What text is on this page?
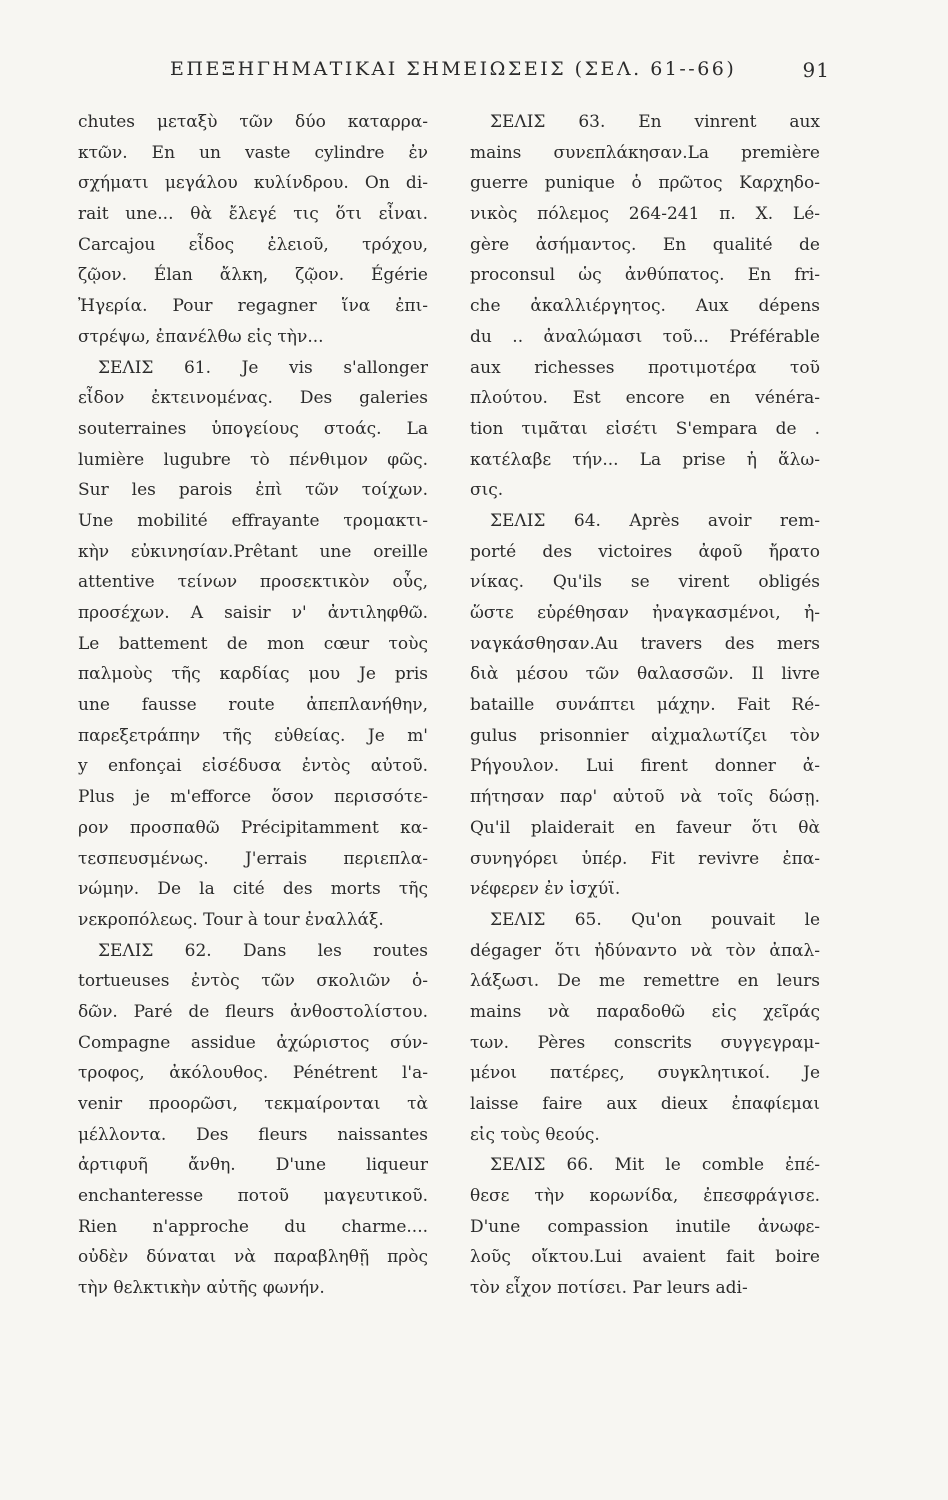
ΕΠΕΞΗΓΗΜΑΤΙΚΑΙ ΣΗΜΕΙΩΣΕΙΣ (ΣΕΛ. 61--66)	91
chutes μεταξὺ τῶν δύο καταρρα-
κτῶν. En un vaste cylindre ἐν
σχήματι μεγάλου κυλίνδρου. On di-
rait une... θὰ ἔλεγέ τις ὅτι εἶναι.
Carcajou εἶδος ἐλειοῦ, τρόχου,
ζῷον. Élan ἄλκη, ζῷον. Égérie
Ἠγερία. Pour regagner ἵνα ἐπι-
στρέψω, ἐπανέλθω εἰς τὴν...
ΣΕΛΙΣ 61. Je vis s'allonger
εἶδον ἐκτεινομένας. Des galeries
souterraines ὑπογείους στοάς. La
lumière lugubre τὸ πένθιμον φῶς.
Sur les parois ἐπὶ τῶν τοίχων.
Une mobilité effrayante τρομακτι-
κὴν εὐκινησίαν.Prêtant une oreille
attentive τείνων προσεκτικὸν οὖς,
προσέχων. A saisir ν' ἀντιληφθῶ.
Le battement de mon cœur τοὺς
παλμοὺς τῆς καρδίας μου Je pris
une fausse route ἀπεπλανήθην,
παρεξετράπην τῆς εὐθείας. Je m'
y enfonçai εἰσέδυσα ἐντὸς αὐτοῦ.
Plus je m'efforce ὅσον περισσότε-
ρον προσπαθῶ Précipitamment κα-
τεσπευσμένως. J'errais περιεπλα-
νώμην. De la cité des morts τῆς
νεκροπόλεως. Tour à tour ἐναλλάξ.
ΣΕΛΙΣ 62. Dans les routes
tortueuses ἐντὸς τῶν σκολιῶν ὁ-
δῶν. Paré de fleurs ἀνθοστολίστου.
Compagne assidue ἀχώριστος σύν-
τροφος, ἀκόλουθος. Pénétrent l'a-
venir προορῶσι, τεκμαίρονται τὰ
μέλλοντα. Des fleurs naissantes
ἀρτιφυῆ ἄνθη. D'une liqueur
enchanteresse ποτοῦ μαγευτικοῦ.
Rien n'approche du charme....
οὐδὲν δύναται νὰ παραβληθῇ πρὸς
τὴν θελκτικὴν αὐτῆς φωνήν.
ΣΕΛΙΣ 63. En vinrent aux
mains συνεπλάκησαν.La première
guerre punique ὁ πρῶτος Καρχηδο-
νικὸς πόλεμος 264-241 π. Χ. Lé-
gère ἀσήμαντος. En qualité de
proconsul ὡς ἀνθύπατος. En fri-
che ἀκαλλιέργητος. Aux dépens
du .. ἀναλώμασι τοῦ... Préférable
aux richesses προτιμοτέρα τοῦ
πλούτου. Est encore en vénéra-
tion τιμᾶται εἰσέτι S'empara de .
κατέλαβε τήν... La prise ἡ ἅλω-
σις.
ΣΕΛΙΣ 64. Après avoir rem-
porté des victoires ἀφοῦ ἤρατο
νίκας. Qu'ils se virent obligés
ὥστε εὑρέθησαν ἠναγκασμένοι, ἠ-
ναγκάσθησαν.Au travers des mers
διὰ μέσου τῶν θαλασσῶν. Il livre
bataille συνάπτει μάχην. Fait Ré-
gulus prisonnier αἰχμαλωτίζει τὸν
Ρήγουλον. Lui firent donner ἀ-
πήτησαν παρ' αὐτοῦ νὰ τοῖς δώσῃ.
Qu'il plaiderait en faveur ὅτι θὰ
συνηγόρει ὑπέρ. Fit revivre ἐπα-
νέφερεν ἐν ἰσχύϊ.
ΣΕΛΙΣ 65. Qu'on pouvait le
dégager ὅτι ἠδύναντο νὰ τὸν ἀπαλ-
λάξωσι. De me remettre en leurs
mains νὰ παραδοθῶ εἰς χεῖράς
των. Pères conscrits συγγεγραμ-
μένοι πατέρες, συγκλητικοί. Je
laisse faire aux dieux ἐπαφίεμαι
εἰς τοὺς θεούς.
ΣΕΛΙΣ 66. Mit le comble ἐπέ-
θεσε τὴν κορωνίδα, ἐπεσφράγισε.
D'une compassion inutile ἀνωφε-
λοῦς οἴκτου.Lui avaient fait boire
τὸν εἶχον ποτίσει. Par leurs adi-
